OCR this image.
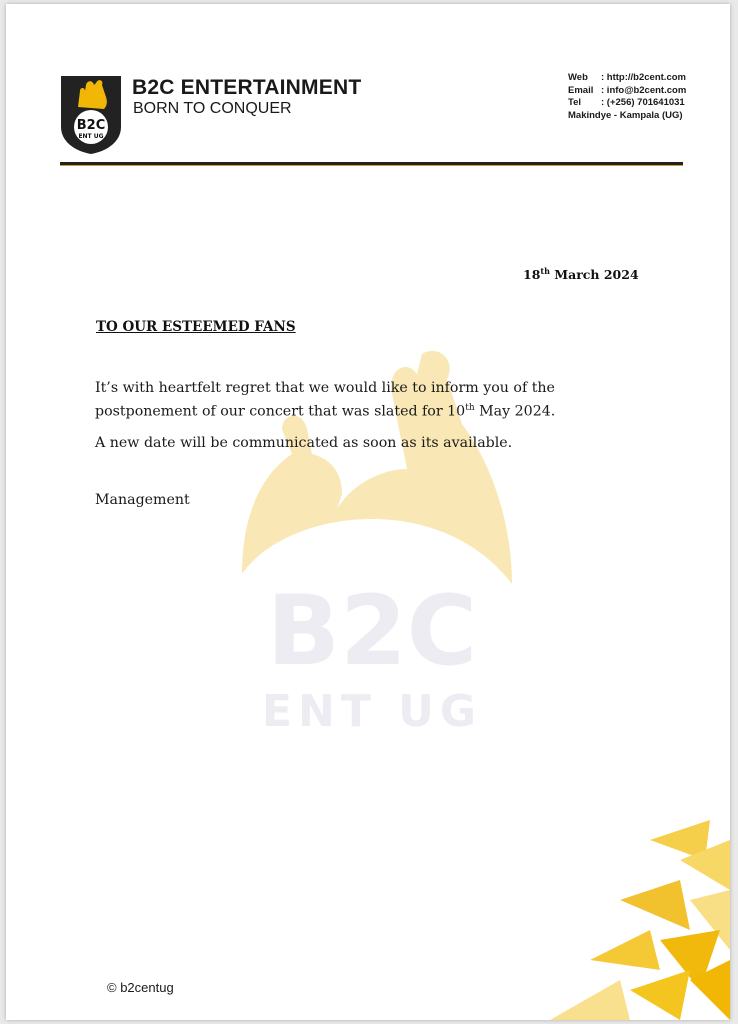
B2C
ENT UG
B2C
ENT UG
B2C ENTERTAINMENT
BORN TO CONQUER
Web : http://b2cent.com
Email : info@b2cent.com
Tel : (+256) 701641031
Makindye - Kampala (UG)
18th March 2024
TO OUR ESTEEMED FANS

It’s with heartfelt regret that we would like to inform you of the postponement of our concert that was slated for 10th May 2024.

A new date will be communicated as soon as its available.

Management
© b2centug
